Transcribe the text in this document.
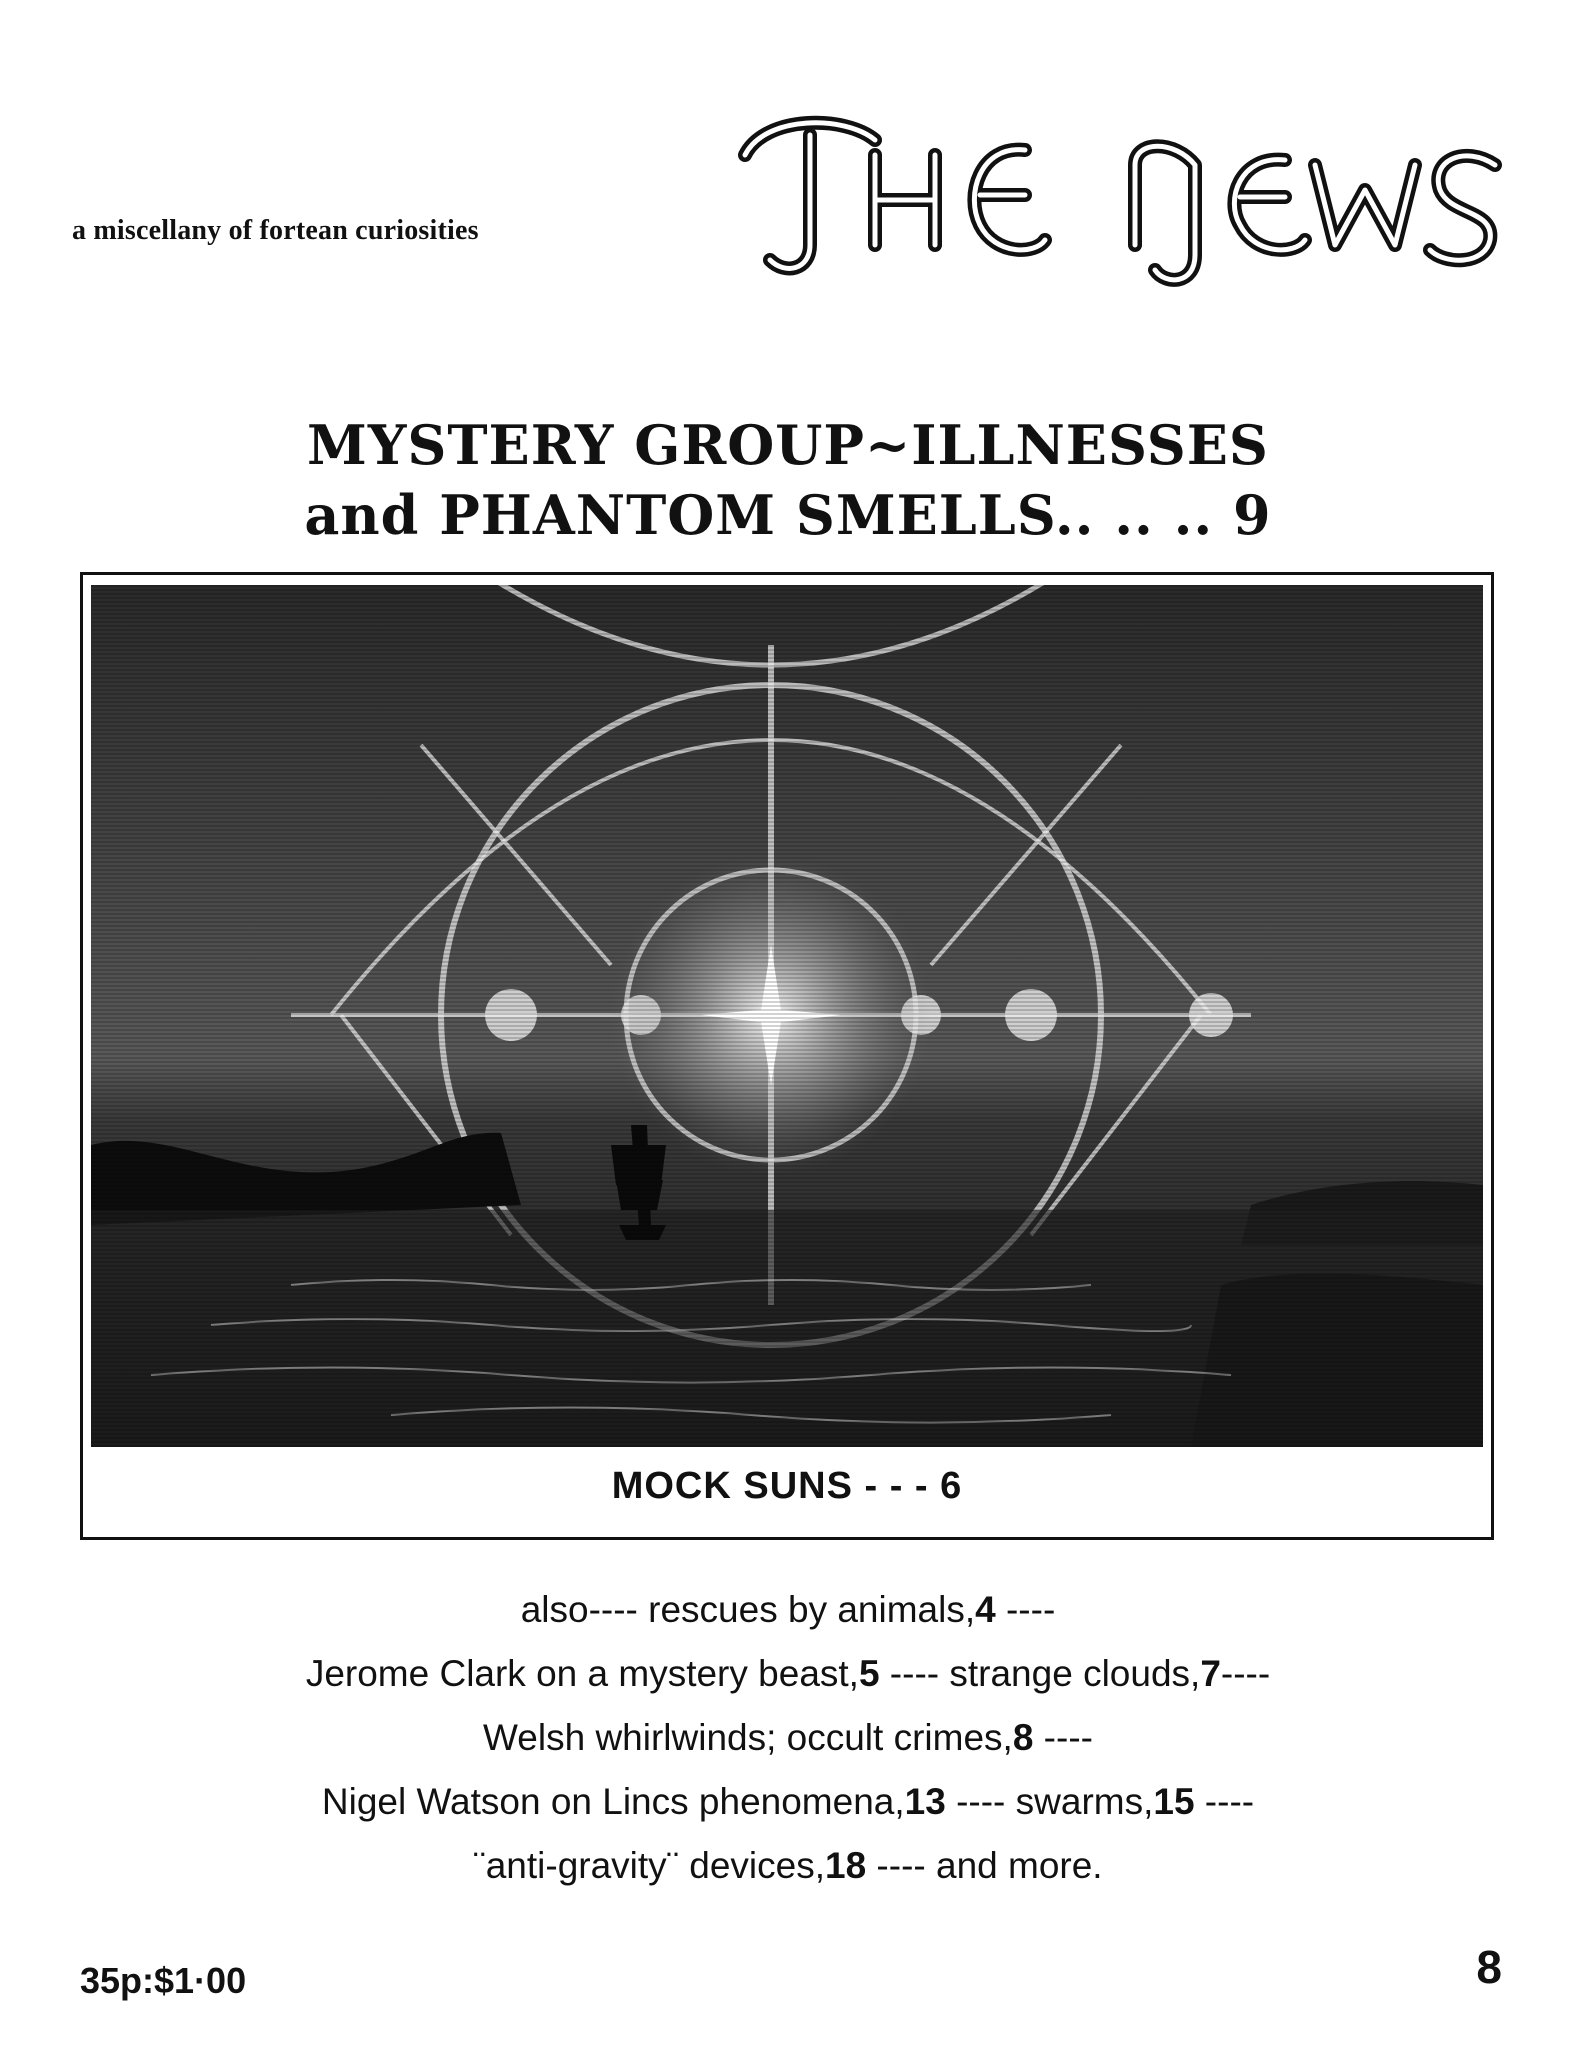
a miscellany of fortean curiosities
MYSTERY GROUP~ILLNESSES
and PHANTOM SMELLS.. .. .. 9
MOCK SUNS - - - 6
also---- rescues by animals,4 ----
Jerome Clark on a mystery beast,5 ---- strange clouds,7----
Welsh whirlwinds; occult crimes,8 ----
Nigel Watson on Lincs phenomena,13 ---- swarms,15 ----
¨anti-gravity¨ devices,18 ---- and more.
35p:$1·00	8
